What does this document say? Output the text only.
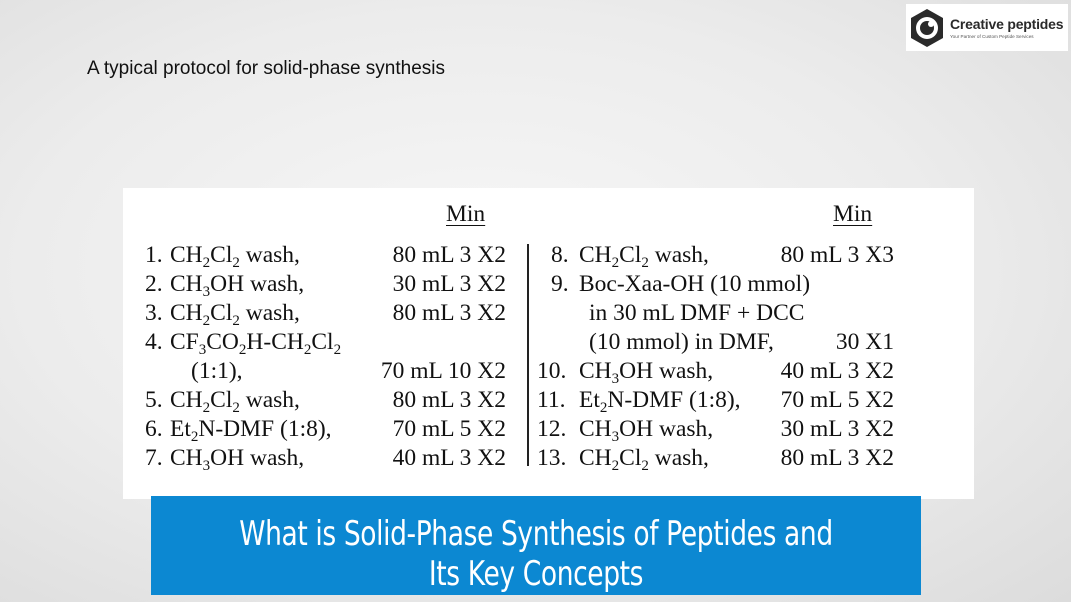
Creative peptides
Your Partner of Custom Peptide Services
A typical protocol for solid-phase synthesis
Min	Min
1. $CH_2Cl_2$ wash,	80 mL 3 X2
2. $CH_3OH$ wash,	30 mL 3 X2
3. $CH_2Cl_2$ wash,	80 mL 3 X2
4. $CF_3CO_2H-CH_2Cl_2$
(1:1),	70 mL 10 X2
5. $CH_2Cl_2$ wash,	80 mL 3 X2
6. $Et_2N$-DMF (1:8),	70 mL 5 X2
7. $CH_3OH$ wash,	40 mL 3 X2
8. $CH_2Cl_2$ wash,	80 mL 3 X3
9. Boc-Xaa-OH (10 mmol)
in 30 mL DMF + DCC
(10 mmol) in DMF,	30 X1
10. $CH_3OH$ wash,	40 mL 3 X2
11. $Et_2N$-DMF (1:8), 70 mL 5 X2
12. $CH_3OH$ wash,	30 mL 3 X2
13. $CH_2Cl_2$ wash,	80 mL 3 X2
What is Solid-Phase Synthesis of Peptides and
Its Key Concepts
